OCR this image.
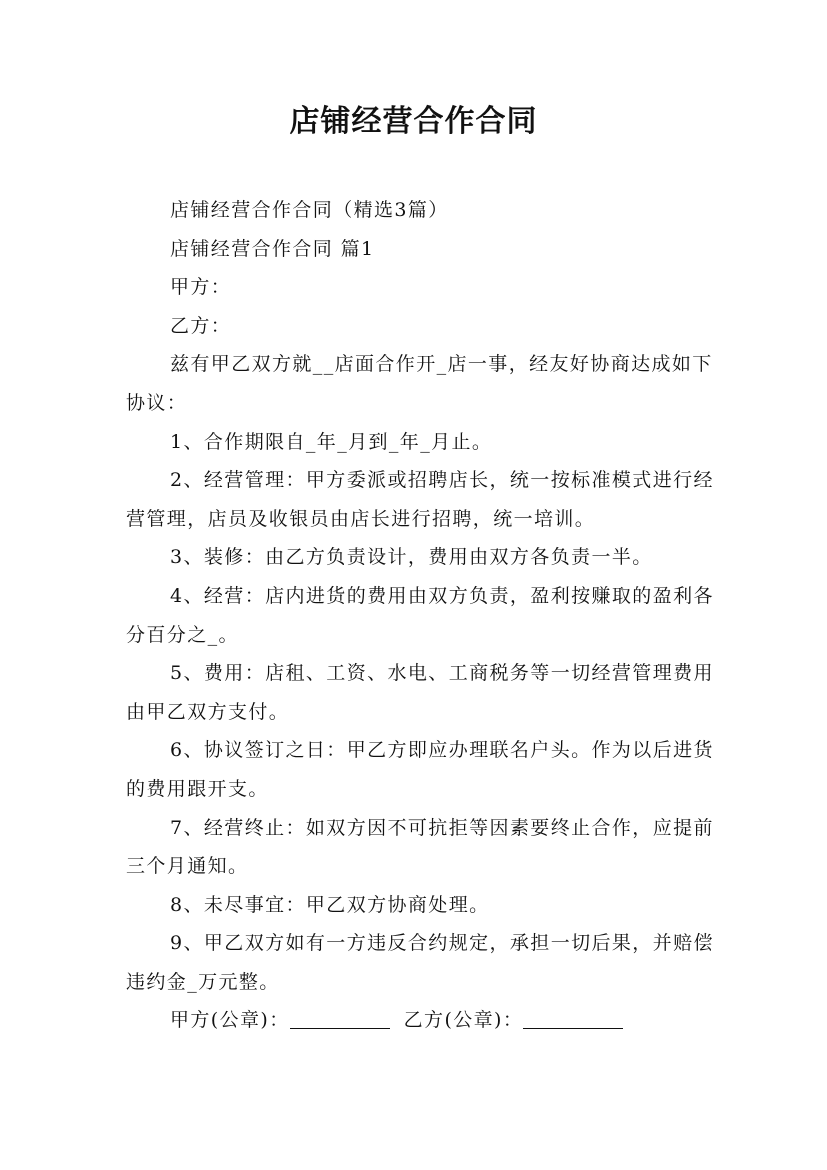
店铺经营合作合同

店铺经营合作合同（精选3篇）

店铺经营合作合同 篇1

甲方：

乙方：

兹有甲乙双方就__店面合作开_店一事，经友好协商达成如下协议：

1、合作期限自_年_月到_年_月止。

2、经营管理：甲方委派或招聘店长，统一按标准模式进行经营管理，店员及收银员由店长进行招聘，统一培训。

3、装修：由乙方负责设计，费用由双方各负责一半。

4、经营：店内进货的费用由双方负责，盈利按赚取的盈利各分百分之_。

5、费用：店租、工资、水电、工商税务等一切经营管理费用由甲乙双方支付。

6、协议签订之日：甲乙方即应办理联名户头。作为以后进货的费用跟开支。

7、经营终止：如双方因不可抗拒等因素要终止合作，应提前三个月通知。

8、未尽事宜：甲乙双方协商处理。

9、甲乙双方如有一方违反合约规定，承担一切后果，并赔偿违约金_万元整。

甲方(公章)：	乙方(公章)：
